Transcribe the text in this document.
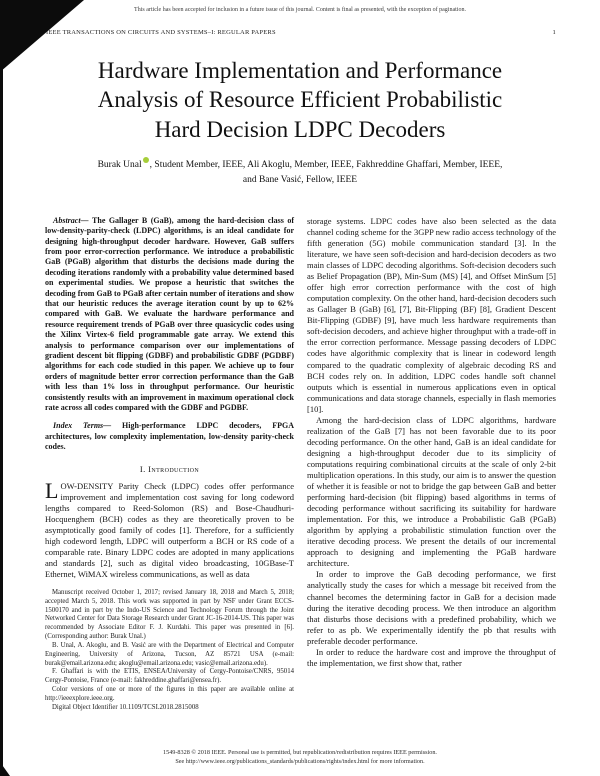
This article has been accepted for inclusion in a future issue of this journal. Content is final as presented, with the exception of pagination.
IEEE TRANSACTIONS ON CIRCUITS AND SYSTEMS–I: REGULAR PAPERS	1
Hardware Implementation and Performance
Analysis of Resource Efficient Probabilistic
Hard Decision LDPC Decoders
Burak Unal , Student Member, IEEE, Ali Akoglu, Member, IEEE, Fakhreddine Ghaffari, Member, IEEE,
and Bane Vasić, Fellow, IEEE

Abstract— The Gallager B (GaB), among the hard-decision class of low-density-parity-check (LDPC) algorithms, is an ideal candidate for designing high-throughput decoder hardware. However, GaB suffers from poor error-correction performance. We introduce a probabilistic GaB (PGaB) algorithm that disturbs the decisions made during the decoding iterations randomly with a probability value determined based on experimental studies. We propose a heuristic that switches the decoding from GaB to PGaB after certain number of iterations and show that our heuristic reduces the average iteration count by up to 62% compared with GaB. We evaluate the hardware performance and resource requirement trends of PGaB over three quasicyclic codes using the Xilinx Virtex-6 field programmable gate array. We extend this analysis to performance comparison over our implementations of gradient descent bit flipping (GDBF) and probabilistic GDBF (PGDBF) algorithms for each code studied in this paper. We achieve up to four orders of magnitude better error correction performance than the GaB with less than 1% loss in throughput performance. Our heuristic consistently results with an improvement in maximum operational clock rate across all codes compared with the GDBF and PGDBF.

Index Terms— High-performance LDPC decoders, FPGA architectures, low complexity implementation, low-density parity-check codes.

I. Introduction

LOW-DENSITY Parity Check (LDPC) codes offer performance improvement and implementation cost saving for long codeword lengths compared to Reed-Solomon (RS) and Bose-Chaudhuri-Hocquenghem (BCH) codes as they are theoretically proven to be asymptotically good family of codes [1]. Therefore, for a sufficiently high codeword length, LDPC will outperform a BCH or RS code of a comparable rate. Binary LDPC codes are adopted in many applications and standards [2], such as digital video broadcasting, 10GBase-T Ethernet, WiMAX wireless communications, as well as data

Manuscript received October 1, 2017; revised January 18, 2018 and March 5, 2018; accepted March 5, 2018. This work was supported in part by NSF under Grant ECCS-1500170 and in part by the Indo-US Science and Technology Forum through the Joint Networked Center for Data Storage Research under Grant JC-16-2014-US. This paper was recommended by Associate Editor F. J. Kurdahi. This paper was presented in [6]. (Corresponding author: Burak Unal.)

B. Unal, A. Akoglu, and B. Vasić are with the Department of Electrical and Computer Engineering, University of Arizona, Tucson, AZ 85721 USA (e-mail: burak@email.arizona.edu; akoglu@email.arizona.edu; vasic@email.arizona.edu).

F. Ghaffari is with the ETIS, ENSEA/University of Cergy-Pontoise/CNRS, 95014 Cergy-Pontoise, France (e-mail: fakhreddine.ghaffari@ensea.fr).

Color versions of one or more of the figures in this paper are available online at http://ieeexplore.ieee.org.

Digital Object Identifier 10.1109/TCSI.2018.2815008

storage systems. LDPC codes have also been selected as the data channel coding scheme for the 3GPP new radio access technology of the fifth generation (5G) mobile communication standard [3]. In the literature, we have seen soft-decision and hard-decision decoders as two main classes of LDPC decoding algorithms. Soft-decision decoders such as Belief Propagation (BP), Min-Sum (MS) [4], and Offset MinSum [5] offer high error correction performance with the cost of high computation complexity. On the other hand, hard-decision decoders such as Gallager B (GaB) [6], [7], Bit-Flipping (BF) [8], Gradient Descent Bit-Flipping (GDBF) [9], have much less hardware requirements than soft-decision decoders, and achieve higher throughput with a trade-off in the error correction performance. Message passing decoders of LDPC codes have algorithmic complexity that is linear in codeword length compared to the quadratic complexity of algebraic decoding RS and BCH codes rely on. In addition, LDPC codes handle soft channel outputs which is essential in numerous applications even in optical communications and data storage channels, especially in flash memories [10].

Among the hard-decision class of LDPC algorithms, hardware realization of the GaB [7] has not been favorable due to its poor decoding performance. On the other hand, GaB is an ideal candidate for designing a high-throughput decoder due to its simplicity of computations requiring combinational circuits at the scale of only 2-bit multiplication operations. In this study, our aim is to answer the question of whether it is feasible or not to bridge the gap between GaB and better performing hard-decision (bit flipping) based algorithms in terms of decoding performance without sacrificing its suitability for hardware implementation. For this, we introduce a Probabilistic GaB (PGaB) algorithm by applying a probabilistic stimulation function over the iterative decoding process. We present the details of our incremental approach to designing and implementing the PGaB hardware architecture.

In order to improve the GaB decoding performance, we first analytically study the cases for which a message bit received from the channel becomes the determining factor in GaB for a decision made during the iterative decoding process. We then introduce an algorithm that disturbs those decisions with a predefined probability, which we refer to as pb. We experimentally identify the pb that results with preferable decoder performance.

In order to reduce the hardware cost and improve the throughput of the implementation, we first show that, rather

1549-8328 © 2018 IEEE. Personal use is permitted, but republication/redistribution requires IEEE permission.
See http://www.ieee.org/publications_standards/publications/rights/index.html for more information.
